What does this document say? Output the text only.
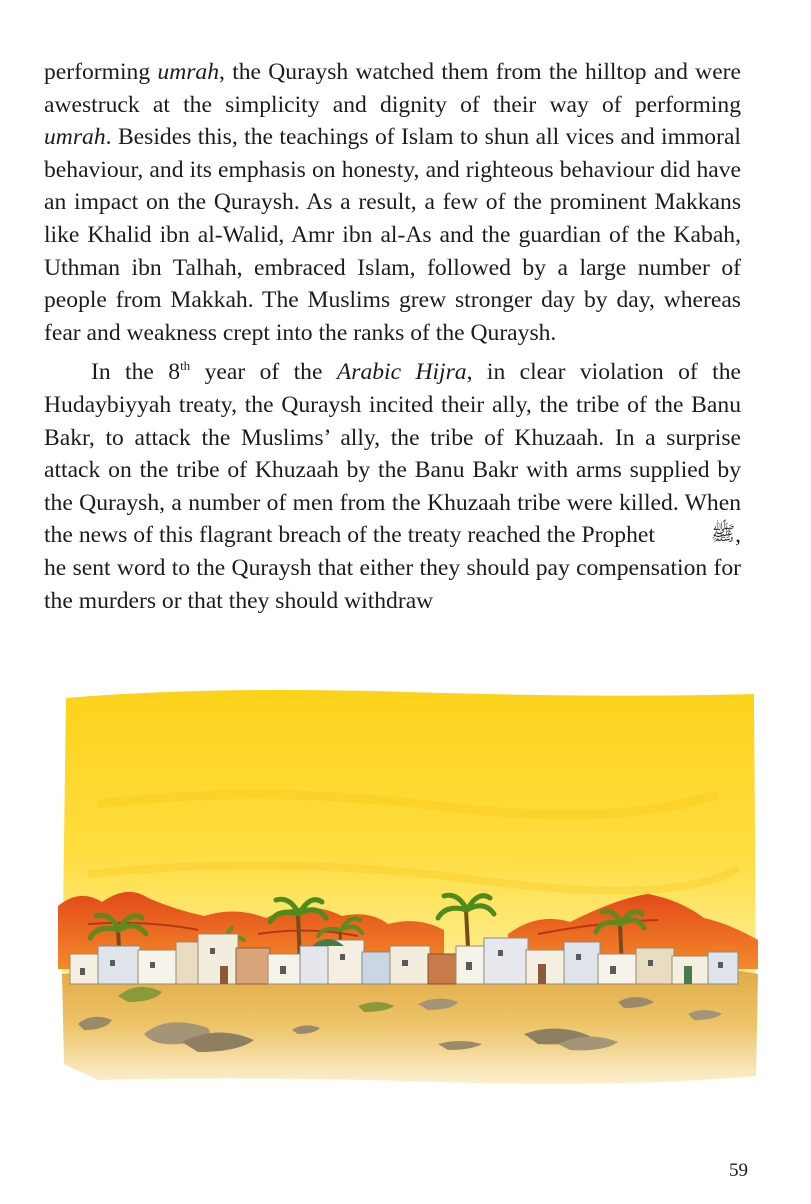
performing umrah, the Quraysh watched them from the hilltop and were awestruck at the simplicity and dignity of their way of performing umrah. Besides this, the teachings of Islam to shun all vices and immoral behaviour, and its emphasis on honesty, and righteous behaviour did have an impact on the Quraysh. As a result, a few of the prominent Makkans like Khalid ibn al-Walid, Amr ibn al-As and the guardian of the Kabah, Uthman ibn Talhah, embraced Islam, followed by a large number of people from Makkah. The Muslims grew stronger day by day, whereas fear and weakness crept into the ranks of the Quraysh.

In the 8th year of the Arabic Hijra, in clear violation of the Hudaybiyyah treaty, the Quraysh incited their ally, the tribe of the Banu Bakr, to attack the Muslims’ ally, the tribe of Khuzaah. In a surprise attack on the tribe of Khuzaah by the Banu Bakr with arms supplied by the Quraysh, a number of men from the Khuzaah tribe were killed. When the news of this flagrant breach of the treaty reached the Prophet	ﷺ, he sent word to the Quraysh that either they should pay compensation for the murders or that they should withdraw

59
